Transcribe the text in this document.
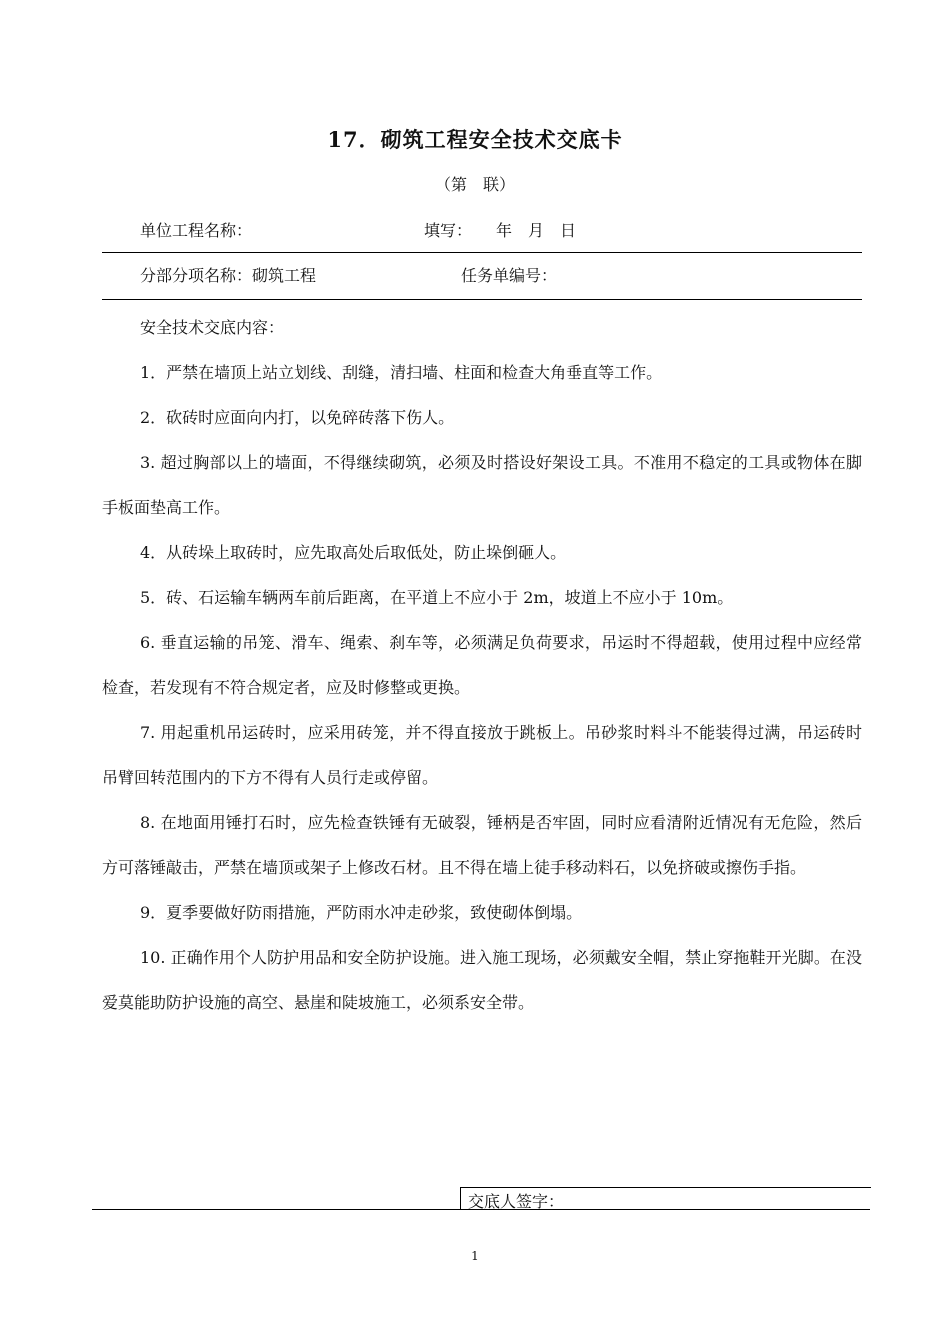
17．砌筑工程安全技术交底卡
（第　联）
单位工程名称：	填写：　　年　月　日
分部分项名称：砌筑工程	任务单编号：

安全技术交底内容：

1．严禁在墙顶上站立划线、刮缝，清扫墙、柱面和检查大角垂直等工作。

2．砍砖时应面向内打，以免碎砖落下伤人。

3. 超过胸部以上的墙面，不得继续砌筑，必须及时搭设好架设工具。不准用不稳定的工具或物体在脚手板面垫高工作。

4．从砖垛上取砖时，应先取高处后取低处，防止垛倒砸人。

5．砖、石运输车辆两车前后距离，在平道上不应小于 2m，坡道上不应小于 10m。

6. 垂直运输的吊笼、滑车、绳索、刹车等，必须满足负荷要求，吊运时不得超载，使用过程中应经常检查，若发现有不符合规定者，应及时修整或更换。

7. 用起重机吊运砖时，应采用砖笼，并不得直接放于跳板上。吊砂浆时料斗不能装得过满，吊运砖时吊臂回转范围内的下方不得有人员行走或停留。

8. 在地面用锤打石时，应先检查铁锤有无破裂，锤柄是否牢固，同时应看清附近情况有无危险，然后方可落锤敲击，严禁在墙顶或架子上修改石材。且不得在墙上徒手移动料石，以免挤破或擦伤手指。

9．夏季要做好防雨措施，严防雨水冲走砂浆，致使砌体倒塌。

10. 正确作用个人防护用品和安全防护设施。进入施工现场，必须戴安全帽，禁止穿拖鞋开光脚。在没爱莫能助防护设施的高空、悬崖和陡坡施工，必须系安全带。

交底人签字：
1
